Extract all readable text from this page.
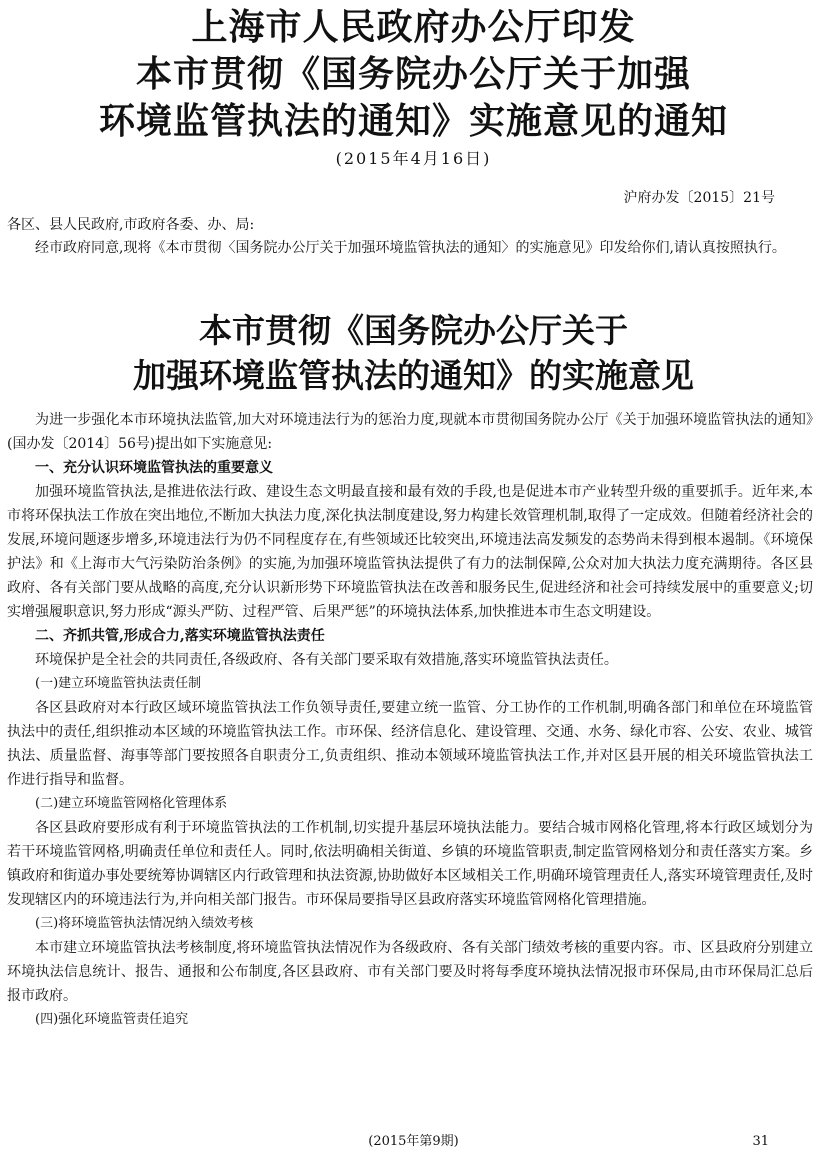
上海市人民政府办公厅印发
本市贯彻《国务院办公厅关于加强
环境监管执法的通知》实施意见的通知
(2015年4月16日)
沪府办发〔2015〕21号
各区、县人民政府,市政府各委、办、局:
经市政府同意,现将《本市贯彻〈国务院办公厅关于加强环境监管执法的通知〉的实施意见》印发给你们,请认真按照执行。
本市贯彻《国务院办公厅关于
加强环境监管执法的通知》的实施意见

为进一步强化本市环境执法监管,加大对环境违法行为的惩治力度,现就本市贯彻国务院办公厅《关于加强环境监管执法的通知》(国办发〔2014〕56号)提出如下实施意见:

一、充分认识环境监管执法的重要意义

加强环境监管执法,是推进依法行政、建设生态文明最直接和最有效的手段,也是促进本市产业转型升级的重要抓手。近年来,本市将环保执法工作放在突出地位,不断加大执法力度,深化执法制度建设,努力构建长效管理机制,取得了一定成效。但随着经济社会的发展,环境问题逐步增多,环境违法行为仍不同程度存在,有些领域还比较突出,环境违法高发频发的态势尚未得到根本遏制。《环境保护法》和《上海市大气污染防治条例》的实施,为加强环境监管执法提供了有力的法制保障,公众对加大执法力度充满期待。各区县政府、各有关部门要从战略的高度,充分认识新形势下环境监管执法在改善和服务民生,促进经济和社会可持续发展中的重要意义;切实增强履职意识,努力形成“源头严防、过程严管、后果严惩”的环境执法体系,加快推进本市生态文明建设。

二、齐抓共管,形成合力,落实环境监管执法责任

环境保护是全社会的共同责任,各级政府、各有关部门要采取有效措施,落实环境监管执法责任。

(一)建立环境监管执法责任制

各区县政府对本行政区域环境监管执法工作负领导责任,要建立统一监管、分工协作的工作机制,明确各部门和单位在环境监管执法中的责任,组织推动本区域的环境监管执法工作。市环保、经济信息化、建设管理、交通、水务、绿化市容、公安、农业、城管执法、质量监督、海事等部门要按照各自职责分工,负责组织、推动本领域环境监管执法工作,并对区县开展的相关环境监管执法工作进行指导和监督。

(二)建立环境监管网格化管理体系

各区县政府要形成有利于环境监管执法的工作机制,切实提升基层环境执法能力。要结合城市网格化管理,将本行政区域划分为若干环境监管网格,明确责任单位和责任人。同时,依法明确相关街道、乡镇的环境监管职责,制定监管网格划分和责任落实方案。乡镇政府和街道办事处要统筹协调辖区内行政管理和执法资源,协助做好本区域相关工作,明确环境管理责任人,落实环境管理责任,及时发现辖区内的环境违法行为,并向相关部门报告。市环保局要指导区县政府落实环境监管网格化管理措施。

(三)将环境监管执法情况纳入绩效考核

本市建立环境监管执法考核制度,将环境监管执法情况作为各级政府、各有关部门绩效考核的重要内容。市、区县政府分别建立环境执法信息统计、报告、通报和公布制度,各区县政府、市有关部门要及时将每季度环境执法情况报市环保局,由市环保局汇总后报市政府。

(四)强化环境监管责任追究

(2015年第9期)	31
